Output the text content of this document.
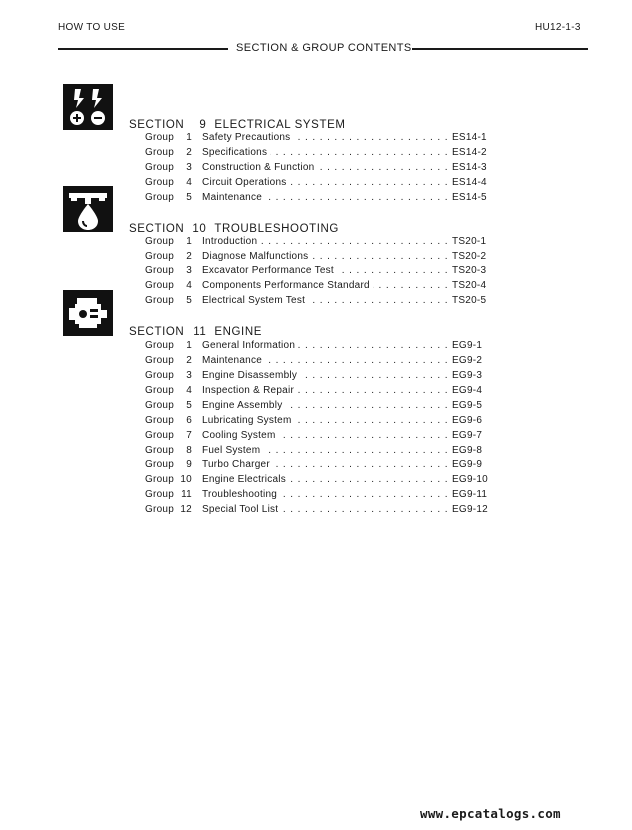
HOW TO USE	HU12-1-3
SECTION & GROUP CONTENTS
SECTION 9 ELECTRICAL SYSTEM
Group	1 Safety Precautions . . .	ES14-1
Group	2 Specifications . . .	ES14-2
Group	3 Construction & Function . . .	ES14-3
Group	4 Circuit Operations . . .	ES14-4
Group	5 Maintenance . . .	ES14-5
SECTION 10 TROUBLESHOOTING
Group	1 Introduction . . .	TS20-1
Group	2 Diagnose Malfunctions . . .	TS20-2
Group	3 Excavator Performance Test . . .	TS20-3
Group	4 Components Performance Standard . . .	TS20-4
Group	5 Electrical System Test . . .	TS20-5
SECTION 11 ENGINE
Group	1 General Information . . .	EG9-1
Group	2 Maintenance . . .	EG9-2
Group	3 Engine Disassembly . . .	EG9-3
Group	4 Inspection & Repair . . .	EG9-4
Group	5 Engine Assembly . . .	EG9-5
Group	6 Lubricating System . . .	EG9-6
Group	7 Cooling System . . .	EG9-7
Group	8 Fuel System . . .	EG9-8
Group	9 Turbo Charger . . .	EG9-9
Group 10 Engine Electricals . . .	EG9-10
Group 11 Troubleshooting . . .	EG9-11
Group 12 Special Tool List . . .	EG9-12
www.epcatalogs.com
